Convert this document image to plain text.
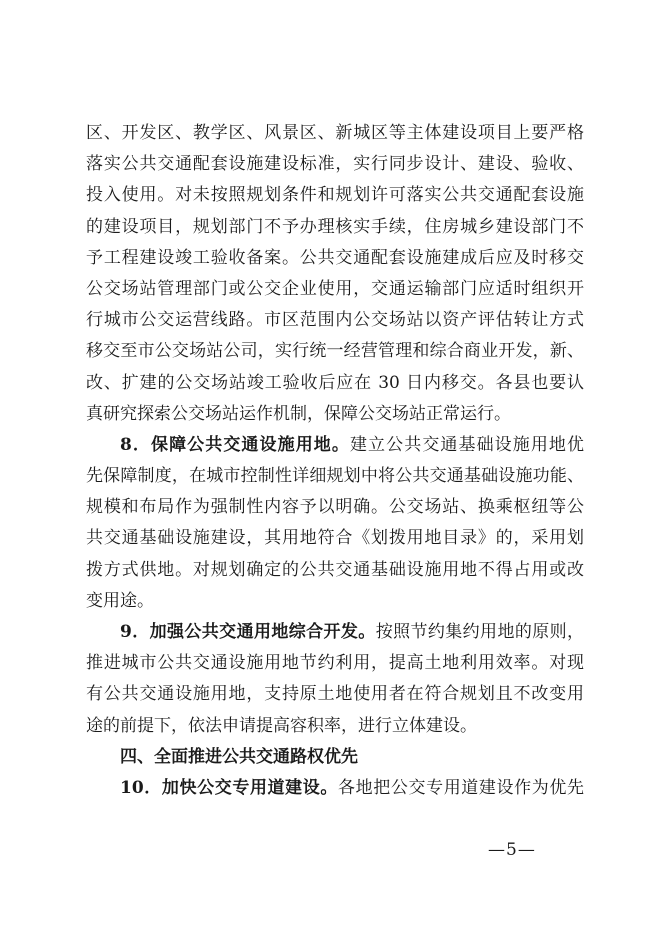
区、开发区、教学区、风景区、新城区等主体建设项目上要严格
落实公共交通配套设施建设标准，实行同步设计、建设、验收、
投入使用。对未按照规划条件和规划许可落实公共交通配套设施
的建设项目，规划部门不予办理核实手续，住房城乡建设部门不
予工程建设竣工验收备案。公共交通配套设施建成后应及时移交
公交场站管理部门或公交企业使用，交通运输部门应适时组织开
行城市公交运营线路。市区范围内公交场站以资产评估转让方式
移交至市公交场站公司，实行统一经营管理和综合商业开发，新、
改、扩建的公交场站竣工验收后应在 30 日内移交。各县也要认
真研究探索公交场站运作机制，保障公交场站正常运行。
8．保障公共交通设施用地。建立公共交通基础设施用地优
先保障制度，在城市控制性详细规划中将公共交通基础设施功能、
规模和布局作为强制性内容予以明确。公交场站、换乘枢纽等公
共交通基础设施建设，其用地符合《划拨用地目录》的，采用划
拨方式供地。对规划确定的公共交通基础设施用地不得占用或改
变用途。
9．加强公共交通用地综合开发。按照节约集约用地的原则，
推进城市公共交通设施用地节约利用，提高土地利用效率。对现
有公共交通设施用地，支持原土地使用者在符合规划且不改变用
途的前提下，依法申请提高容积率，进行立体建设。
四、全面推进公共交通路权优先
10．加快公交专用道建设。各地把公交专用道建设作为优先
—5—
